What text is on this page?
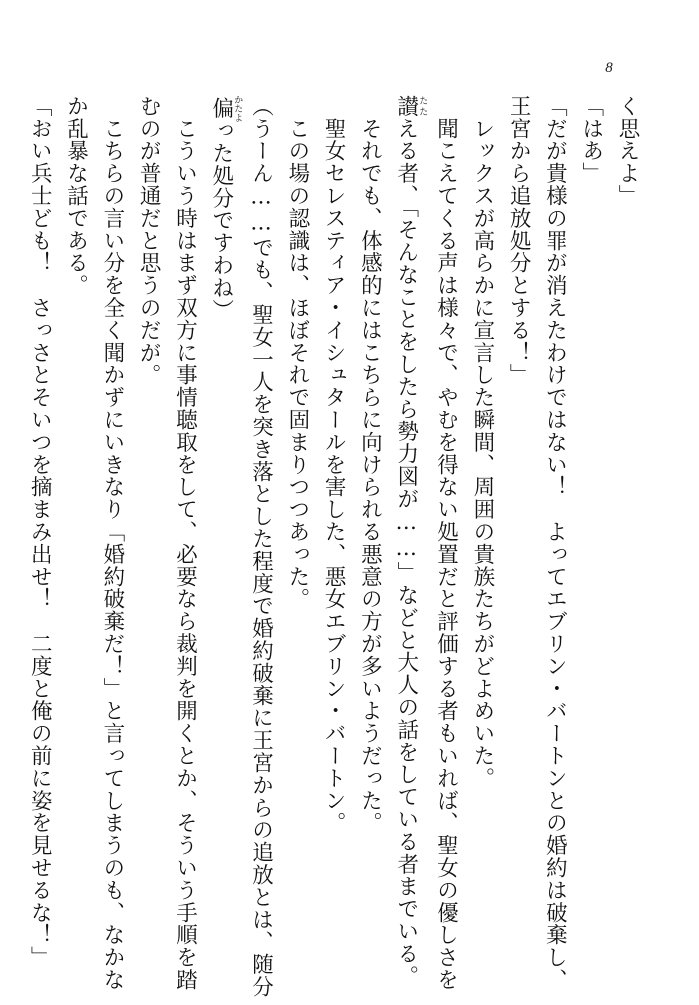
8

く思えよ」

「はあ」

「だが貴様の罪が消えたわけではない！　よってエブリン・バートンとの婚約は破棄し、

王宮から追放処分とする！」

　レックスが高らかに宣言した瞬間、周囲の貴族たちがどよめいた。

　聞こえてくる声は様々で、やむを得ない処置だと評価する者もいれば、聖女の優しさを

讃たたえる者、「そんなことをしたら勢力図が……」などと大人の話をしている者までいる。

　それでも、体感的にはこちらに向けられる悪意の方が多いようだった。

　聖女セレスティア・イシュタールを害した、悪女エブリン・バートン。

　この場の認識は、ほぼそれで固まりつつあった。

（うーん……でも、聖女一人を突き落とした程度で婚約破棄に王宮からの追放とは、随分

偏かたよった処分ですわね）

　こういう時はまず双方に事情聴取をして、必要なら裁判を開くとか、そういう手順を踏

むのが普通だと思うのだが。

　こちらの言い分を全く聞かずにいきなり「婚約破棄だ！」と言ってしまうのも、なかな

か乱暴な話である。

「おい兵士ども！　さっさとそいつを摘まみ出せ！　二度と俺の前に姿を見せるな！」
